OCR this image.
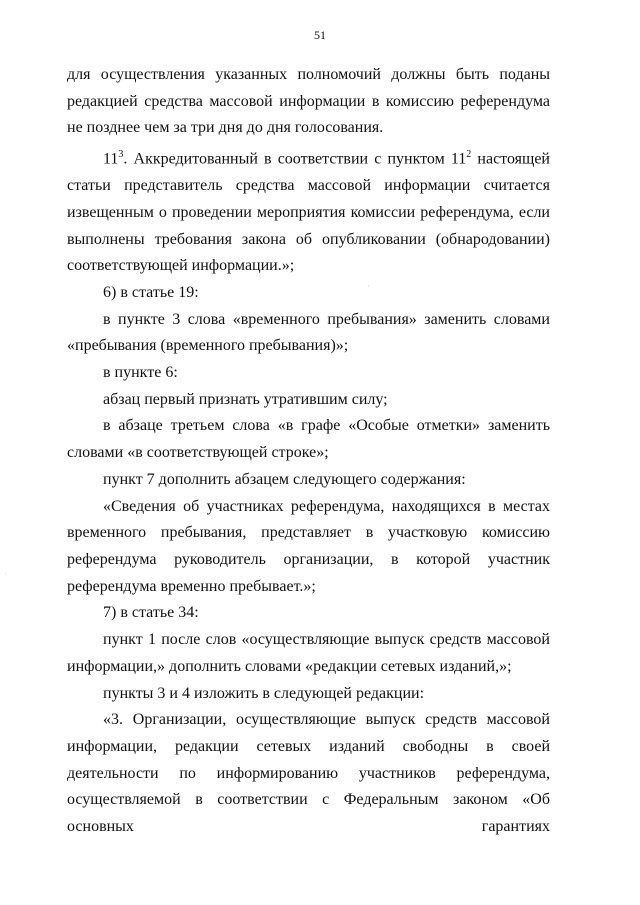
51

для осуществления указанных полномочий должны быть поданы редакцией средства массовой информации в комиссию референдума не позднее чем за три дня до дня голосования.

$11^3$. Аккредитованный в соответствии с пунктом $11^2$ настоящей статьи представитель средства массовой информации считается извещенным о проведении мероприятия комиссии референдума, если выполнены требования закона об опубликовании (обнародовании) соответствующей информации.»;

6) в статье 19:

в пункте 3 слова «временного пребывания» заменить словами «пребывания (временного пребывания)»;

в пункте 6:

абзац первый признать утратившим силу;

в абзаце третьем слова «в графе «Особые отметки» заменить словами «в соответствующей строке»;

пункт 7 дополнить абзацем следующего содержания:

«Сведения об участниках референдума, находящихся в местах временного пребывания, представляет в участковую комиссию референдума руководитель организации, в которой участник референдума временно пребывает.»;

7) в статье 34:

пункт 1 после слов «осуществляющие выпуск средств массовой информации,» дополнить словами «редакции сетевых изданий,»;

пункты 3 и 4 изложить в следующей редакции:

«3. Организации, осуществляющие выпуск средств массовой информации, редакции сетевых изданий свободны в своей деятельности по информированию участников референдума, осуществляемой в соответствии с Федеральным законом «Об основных гарантиях

ˈ
·
